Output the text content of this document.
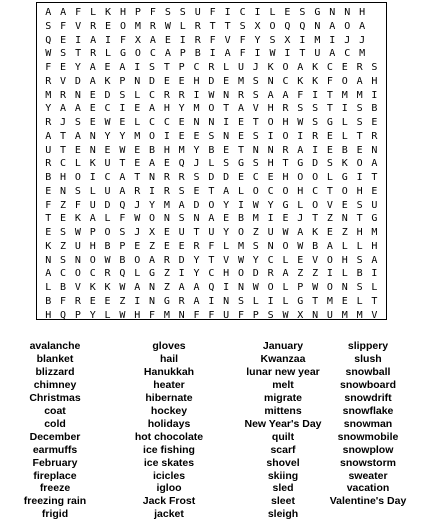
A A F L K H P F S S U F I C I L E S G N N H
S F V R E O M R W L R T T S X O Q Q N A O A
Q E I A I F X A E I R F V F Y S X I M I J J
W S T R L G O C A P B I A F I W I T U A C M
F E Y A E A I S T P C R L U J K O A K C E R S
R V D A K P N D E E H D E M S N C K K F O A H
M R N E D S L C R R I W N R S A A F I T M M I
Y A A E C I E A H Y M O T A V H R S S T I S B
R J S E W E L C C E N N I E T O H W S G L S E
A T A N Y Y M O I E E S N E S I O I R E L T R
U T E N E W E B H M Y B E T N N R A I E B E N
R C L K U T E A E Q J L S G S H T G D S K O A
B H O I C A T N R R S D D E C E H O O L G I T
E N S L U A R I R S E T A L O C O H C T O H E
F Z F U D Q J Y M A D O Y I W Y G L O V E S U
T E K A L F W O N S N A E B M I E J T Z N T G
E S W P O S J X E U T U Y O Z U W A K E Z H M
K Z U H B P E Z E E R F L M S N O W B A L L H
N S N O W B O A R D Y T V W Y C L E V O H S A
A C O C R Q L G Z I Y C H O D R A Z Z I L B I
L B V K K W A N Z A A Q I N W O L P W O N S L
B F R E E Z I N G R A I N S L I L G T M E L T
H Q P Y L W H F M N F F U F P S W X N U M M V
avalanche
blanket
blizzard
chimney
Christmas
coat
cold
December
earmuffs
February
fireplace
freeze
freezing rain
frigid
gloves
hail
Hanukkah
heater
hibernate
hockey
holidays
hot chocolate
ice fishing
ice skates
icicles
igloo
Jack Frost
jacket
January
Kwanzaa
lunar new year
melt
migrate
mittens
New Year's Day
quilt
scarf
shovel
skiing
sled
sleet
sleigh
slippery
slush
snowball
snowboard
snowdrift
snowflake
snowman
snowmobile
snowplow
snowstorm
sweater
vacation
Valentine's Day
